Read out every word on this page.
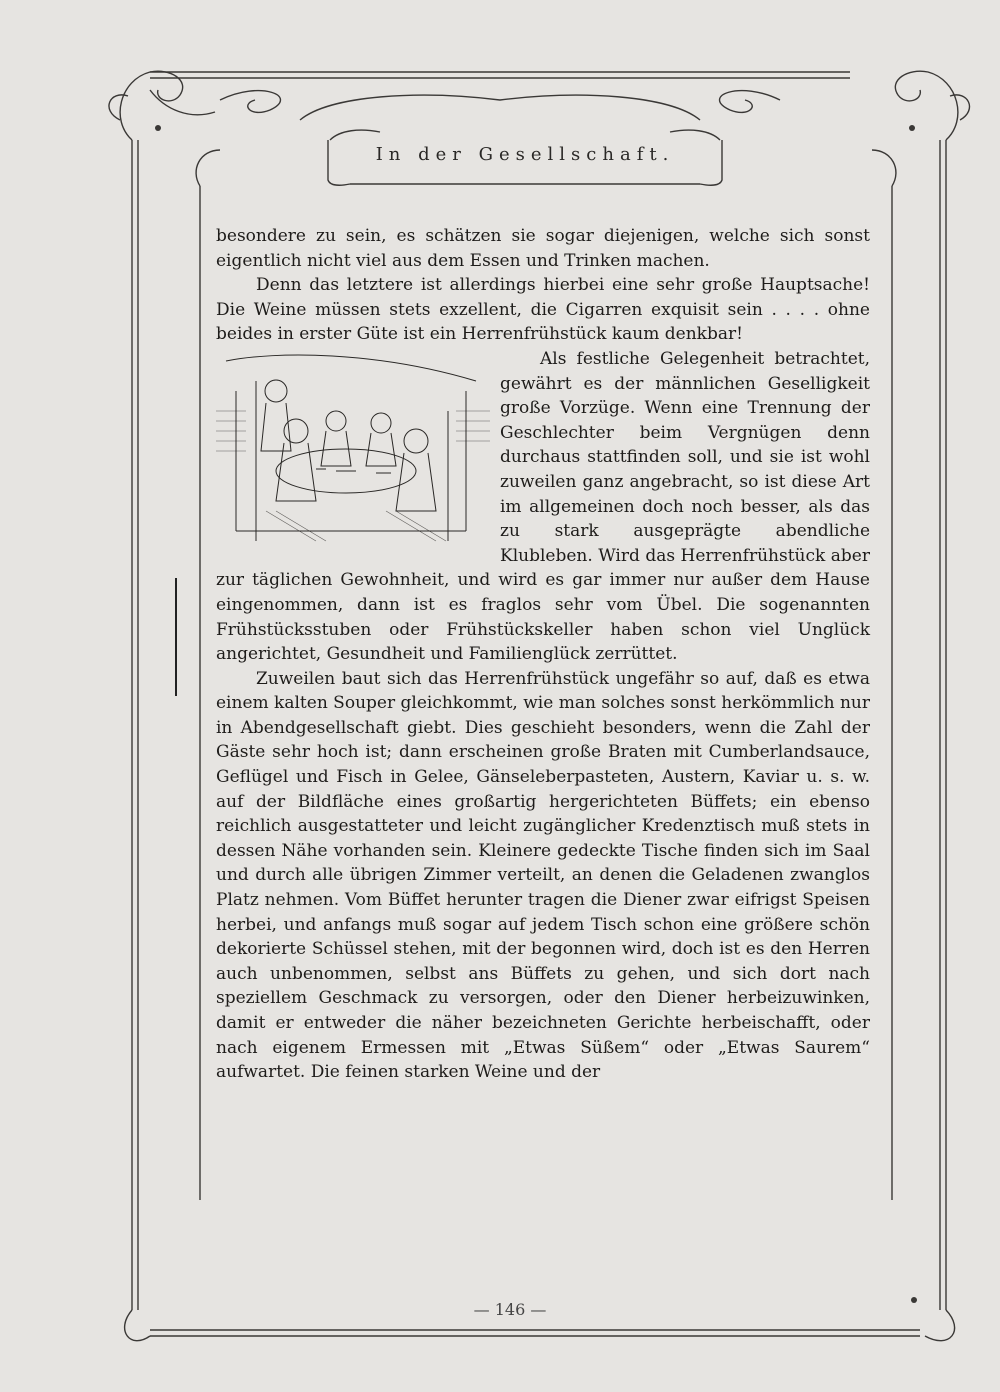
In der Gesellschaft.

besondere zu sein, es schätzen sie sogar diejenigen, welche sich sonst eigentlich nicht viel aus dem Essen und Trinken machen.

Denn das letztere ist allerdings hierbei eine sehr große Hauptsache! Die Weine müssen stets exzellent, die Cigarren exquisit sein . . . . ohne beides in erster Güte ist ein Herrenfrühstück kaum denkbar!

Als festliche Gelegenheit betrachtet, gewährt es der männlichen Geselligkeit große Vorzüge. Wenn eine Trennung der Geschlechter beim Vergnügen denn durchaus stattfinden soll, und sie ist wohl zuweilen ganz angebracht, so ist diese Art im allgemeinen doch noch besser, als das zu stark ausgeprägte abendliche Klubleben. Wird das Herrenfrühstück aber zur täglichen Gewohnheit, und wird es gar immer nur außer dem Hause eingenommen, dann ist es fraglos sehr vom Übel. Die sogenannten Frühstücksstuben oder Frühstückskeller haben schon viel Unglück angerichtet, Gesundheit und Familienglück zerrüttet.

Zuweilen baut sich das Herrenfrühstück ungefähr so auf, daß es etwa einem kalten Souper gleichkommt, wie man solches sonst herkömmlich nur in Abendgesellschaft giebt. Dies geschieht besonders, wenn die Zahl der Gäste sehr hoch ist; dann erscheinen große Braten mit Cumberlandsauce, Geflügel und Fisch in Gelee, Gänseleberpasteten, Austern, Kaviar u. s. w. auf der Bildfläche eines großartig hergerichteten Büffets; ein ebenso reichlich ausgestatteter und leicht zugänglicher Kredenztisch muß stets in dessen Nähe vorhanden sein. Kleinere gedeckte Tische finden sich im Saal und durch alle übrigen Zimmer verteilt, an denen die Geladenen zwanglos Platz nehmen. Vom Büffet herunter tragen die Diener zwar eifrigst Speisen herbei, und anfangs muß sogar auf jedem Tisch schon eine größere schön dekorierte Schüssel stehen, mit der begonnen wird, doch ist es den Herren auch unbenommen, selbst ans Büffets zu gehen, und sich dort nach speziellem Geschmack zu versorgen, oder den Diener herbeizuwinken, damit er entweder die näher bezeichneten Gerichte herbeischafft, oder nach eigenem Ermessen mit „Etwas Süßem“ oder „Etwas Saurem“ aufwartet. Die feinen starken Weine und der

— 146 —
